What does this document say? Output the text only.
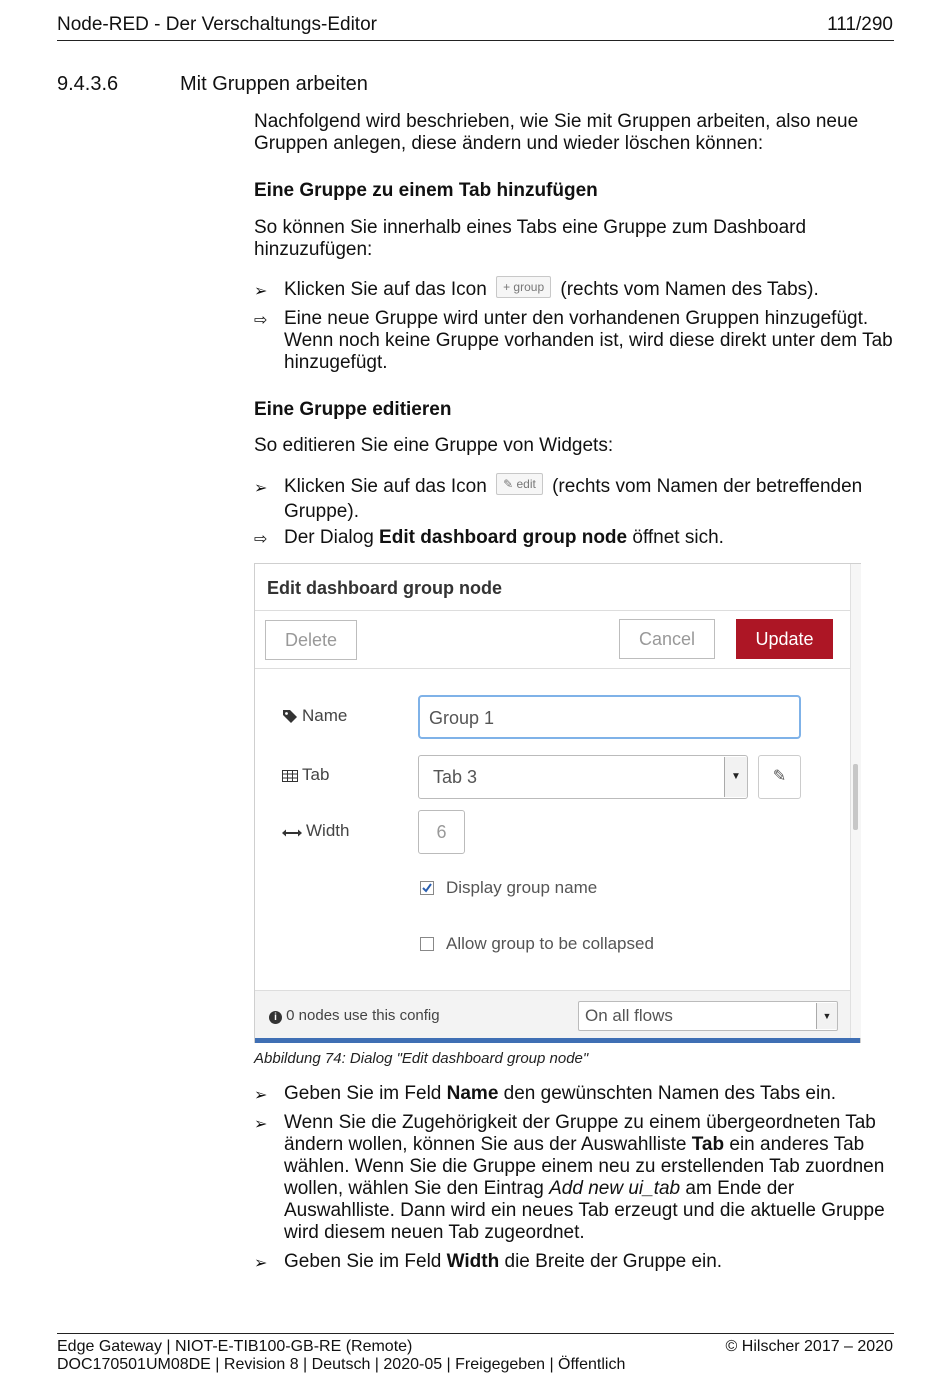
Node-RED - Der Verschaltungs-Editor	111/290
9.4.3.6	Mit Gruppen arbeiten
Nachfolgend wird beschrieben, wie Sie mit Gruppen arbeiten, also neue Gruppen anlegen, diese ändern und wieder löschen können:
Eine Gruppe zu einem Tab hinzufügen
So können Sie innerhalb eines Tabs eine Gruppe zum Dashboard hinzuzufügen:
➢ Klicken Sie auf das Icon + group (rechts vom Namen des Tabs).
⇨ Eine neue Gruppe wird unter den vorhandenen Gruppen hinzugefügt. Wenn noch keine Gruppe vorhanden ist, wird diese direkt unter dem Tab hinzugefügt.
Eine Gruppe editieren
So editieren Sie eine Gruppe von Widgets:
➢ Klicken Sie auf das Icon ✎ edit (rechts vom Namen der betreffenden Gruppe).
⇨ Der Dialog Edit dashboard group node öffnet sich.
Edit dashboard group node
Delete	Cancel	Update
Name	Group 1
Tab	Tab 3	▼	✎
Width	6
Display group name
Allow group to be collapsed
i 0 nodes use this config	On all flows	▼
Abbildung 74: Dialog "Edit dashboard group node"
➢ Geben Sie im Feld Name den gewünschten Namen des Tabs ein.
➢ Wenn Sie die Zugehörigkeit der Gruppe zu einem übergeordneten Tab ändern wollen, können Sie aus der Auswahlliste Tab ein anderes Tab wählen. Wenn Sie die Gruppe einem neu zu erstellenden Tab zuordnen wollen, wählen Sie den Eintrag Add new ui_tab am Ende der Auswahlliste. Dann wird ein neues Tab erzeugt und die aktuelle Gruppe wird diesem neuen Tab zugeordnet.
➢ Geben Sie im Feld Width die Breite der Gruppe ein.
Edge Gateway | NIOT-E-TIB100-GB-RE (Remote)	© Hilscher 2017 – 2020
DOC170501UM08DE | Revision 8 | Deutsch | 2020-05 | Freigegeben | Öffentlich
